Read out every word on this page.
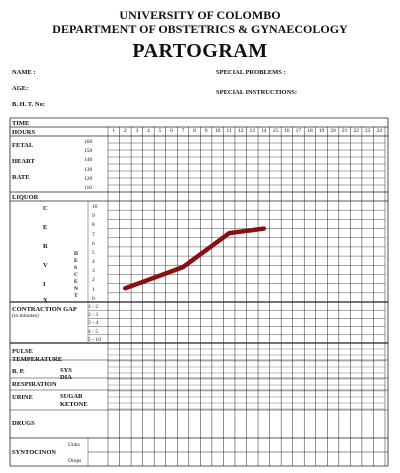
UNIVERSITY OF COLOMBO
DEPARTMENT OF OBSTETRICS & GYNAECOLOGY
PARTOGRAM
NAME :
AGE:
B. H. T. No:
SPECIAL PROBLEMS :
SPECIAL INSTRUCTIONS:
TIME
HOURS
FETAL
HEART
RATE
LIQUOR
C
E
R
V
I
X
D
E
S
C
E
N
T
CONTRACTION GAP
(in minutes)
PULSE
TEMPERATURE
B. P.	SYS
DIA
RESPIRATION
URINE	SUGAR
KETONE
DRUGS
SYNTOCINON
Units
Drops
1	2	3	4	5	6	7	8	9	10	11	12	13	14	15	16	17	18	19	20	21	22	23	24
160
150
140
130
120
110
10
9
8
7
6
5
4
3
2
1
0
1 - 2
2 - 3
3 - 4
4 - 5
5 - 10
